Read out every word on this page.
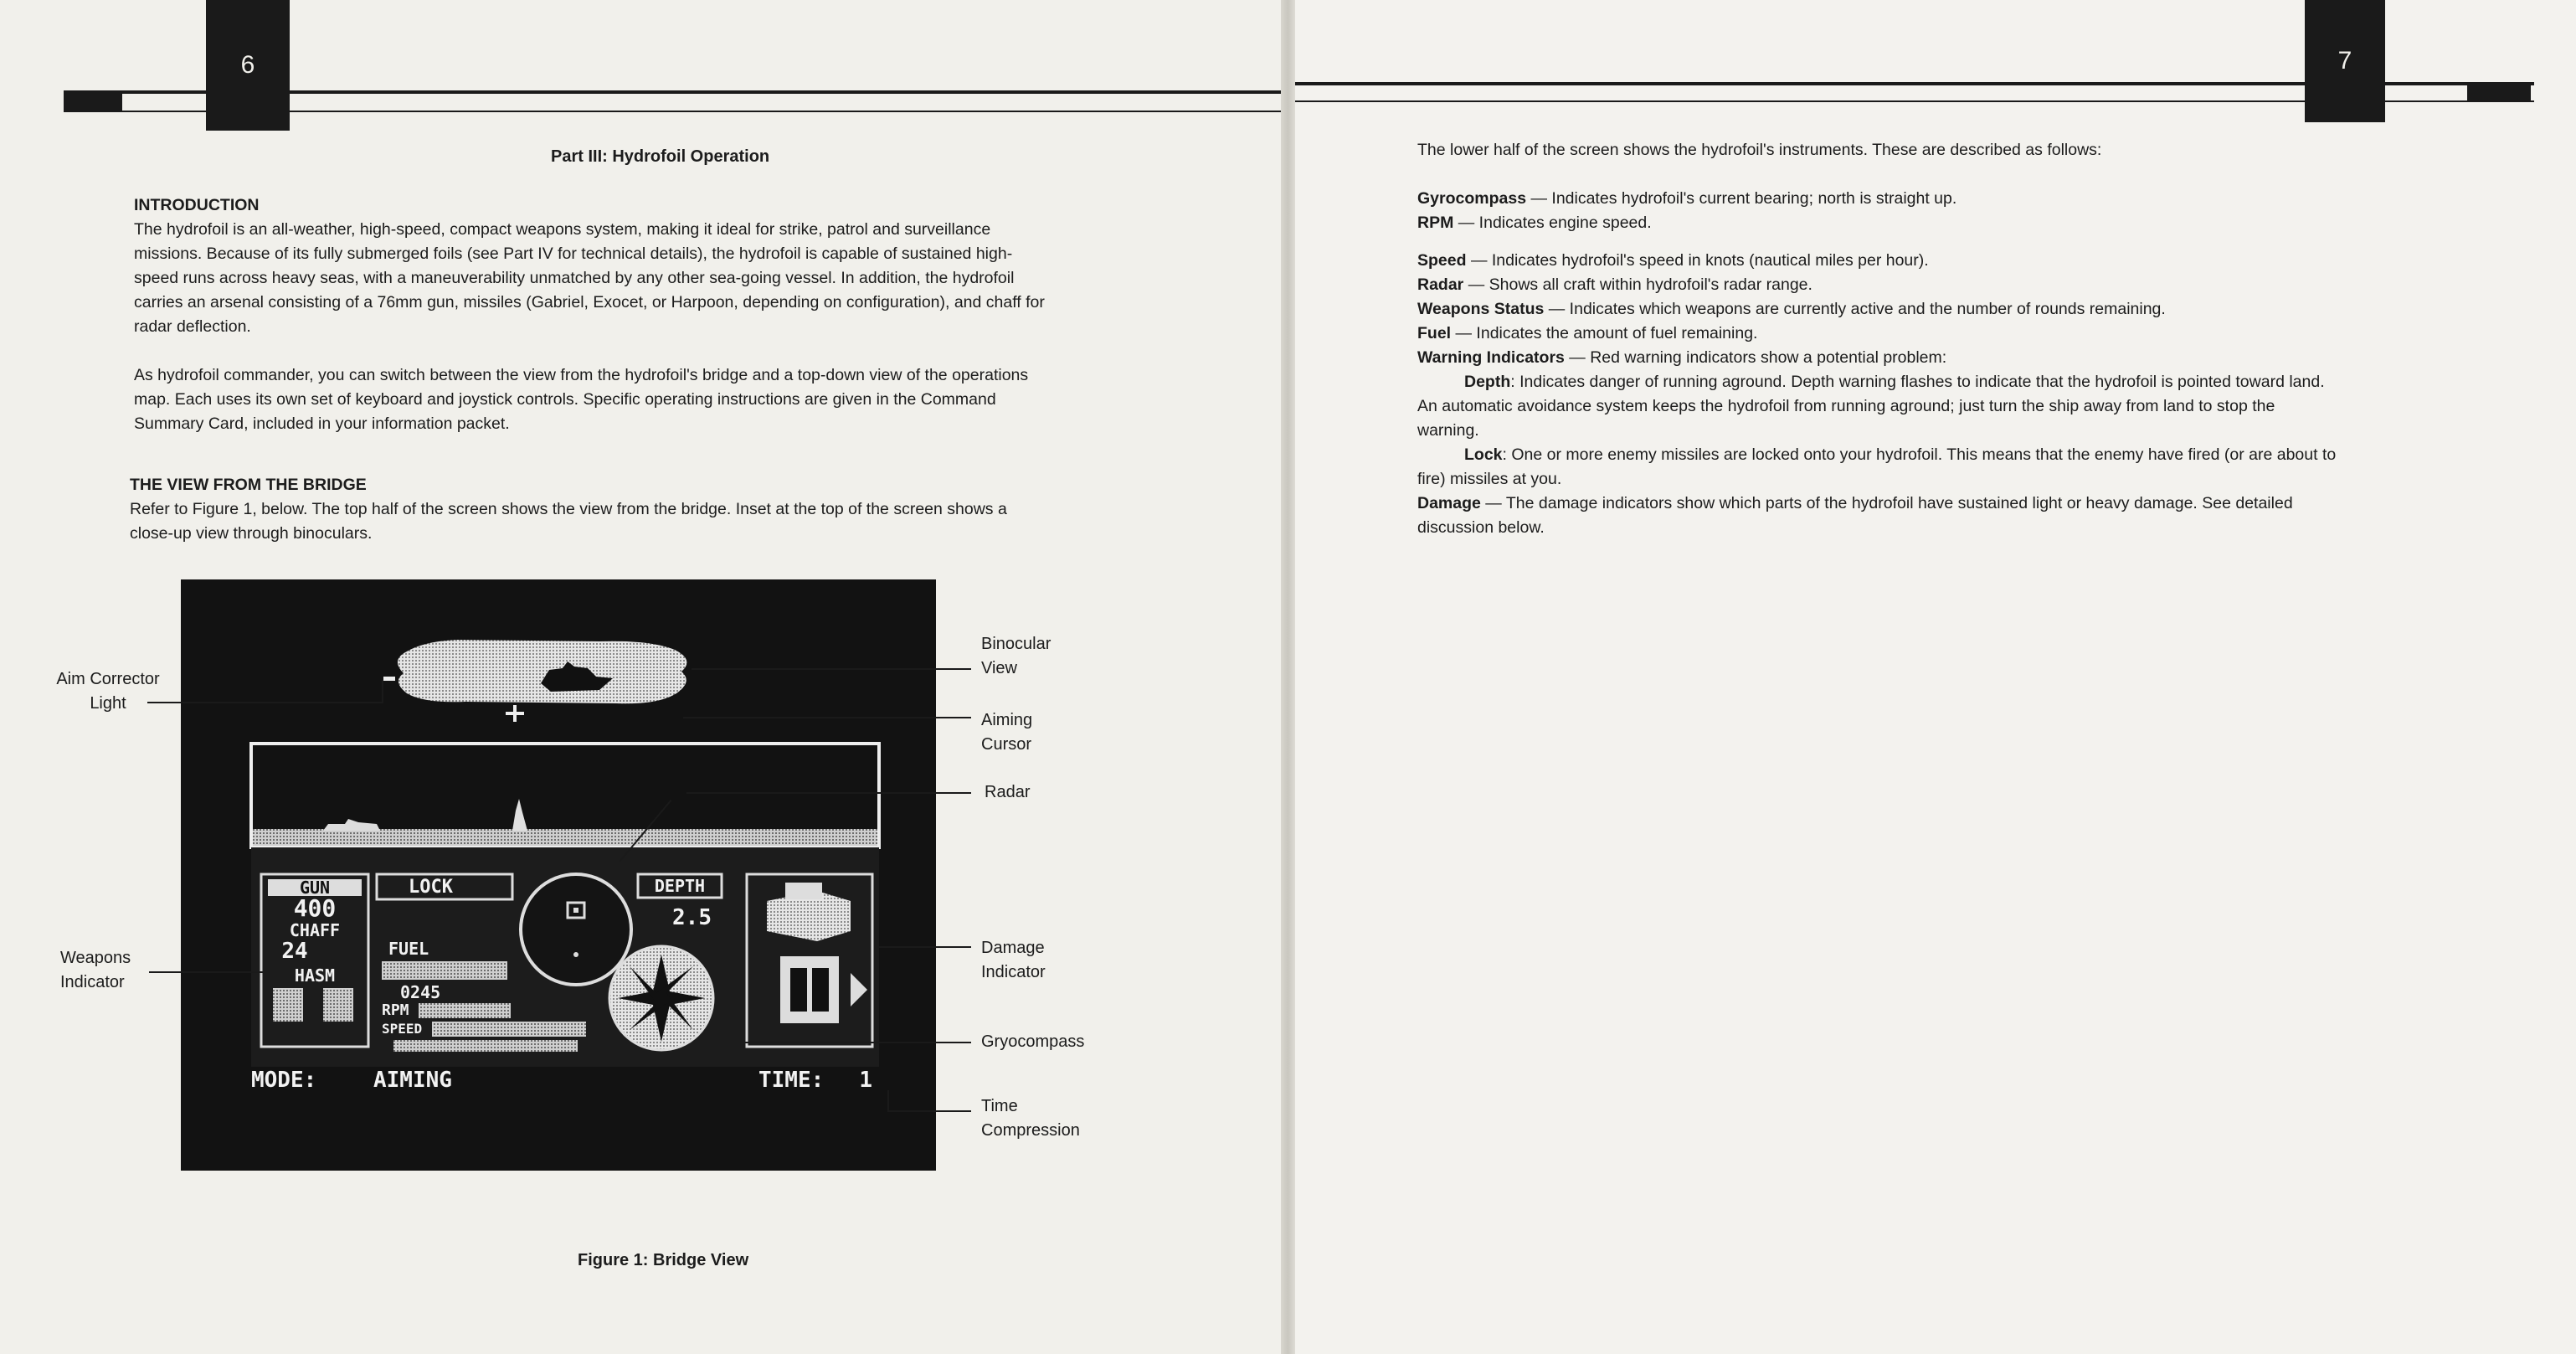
6
Part III: Hydrofoil Operation

INTRODUCTION

The hydrofoil is an all-weather, high-speed, compact weapons system, making it ideal for strike, patrol and surveillance

missions. Because of its fully submerged foils (see Part IV for technical details), the hydrofoil is capable of sustained high-

speed runs across heavy seas, with a maneuverability unmatched by any other sea-going vessel. In addition, the hydrofoil

carries an arsenal consisting of a 76mm gun, missiles (Gabriel, Exocet, or Harpoon, depending on configuration), and chaff for

radar deflection.

As hydrofoil commander, you can switch between the view from the hydrofoil's bridge and a top-down view of the operations

map. Each uses its own set of keyboard and joystick controls. Specific operating instructions are given in the Command

Summary Card, included in your information packet.

THE VIEW FROM THE BRIDGE

Refer to Figure 1, below. The top half of the screen shows the view from the bridge. Inset at the top of the screen shows a

close-up view through binoculars.

GUN
400
CHAFF
24
HASM
LOCK
FUEL
0245
RPM
SPEED
DEPTH
2.5
MODE:	AIMING	TIME: 1
Aim Corrector
Light
Weapons
Indicator
Binocular
View
Aiming
Cursor
Radar
Damage
Indicator
Gryocompass
Time
Compression
Figure 1: Bridge View
7
The lower half of the screen shows the hydrofoil's instruments. These are described as follows:

Gyrocompass — Indicates hydrofoil's current bearing; north is straight up.

RPM — Indicates engine speed.

Speed — Indicates hydrofoil's speed in knots (nautical miles per hour).

Radar — Shows all craft within hydrofoil's radar range.

Weapons Status — Indicates which weapons are currently active and the number of rounds remaining.

Fuel — Indicates the amount of fuel remaining.

Warning Indicators — Red warning indicators show a potential problem:

Depth: Indicates danger of running aground. Depth warning flashes to indicate that the hydrofoil is pointed toward land.

An automatic avoidance system keeps the hydrofoil from running aground; just turn the ship away from land to stop the

warning.

Lock: One or more enemy missiles are locked onto your hydrofoil. This means that the enemy have fired (or are about to

fire) missiles at you.

Damage — The damage indicators show which parts of the hydrofoil have sustained light or heavy damage. See detailed

discussion below.
